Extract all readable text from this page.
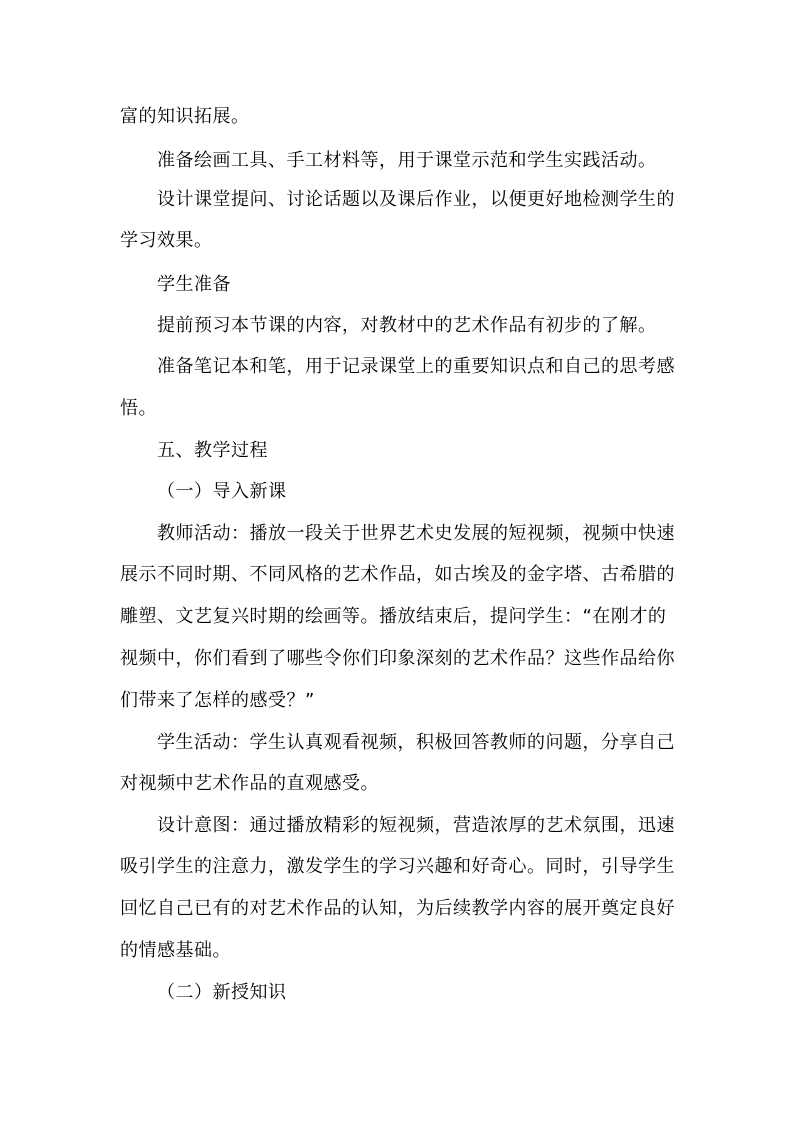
富的知识拓展。
准备绘画工具、手工材料等，用于课堂示范和学生实践活动。
设计课堂提问、讨论话题以及课后作业，以便更好地检测学生的
学习效果。
学生准备
提前预习本节课的内容，对教材中的艺术作品有初步的了解。
准备笔记本和笔，用于记录课堂上的重要知识点和自己的思考感
悟。
五、教学过程
（一）导入新课
教师活动：播放一段关于世界艺术史发展的短视频，视频中快速
展示不同时期、不同风格的艺术作品，如古埃及的金字塔、古希腊的
雕塑、文艺复兴时期的绘画等。播放结束后，提问学生：“在刚才的
视频中，你们看到了哪些令你们印象深刻的艺术作品？这些作品给你
们带来了怎样的感受？”
学生活动：学生认真观看视频，积极回答教师的问题，分享自己
对视频中艺术作品的直观感受。
设计意图：通过播放精彩的短视频，营造浓厚的艺术氛围，迅速
吸引学生的注意力，激发学生的学习兴趣和好奇心。同时，引导学生
回忆自己已有的对艺术作品的认知，为后续教学内容的展开奠定良好
的情感基础。
（二）新授知识
